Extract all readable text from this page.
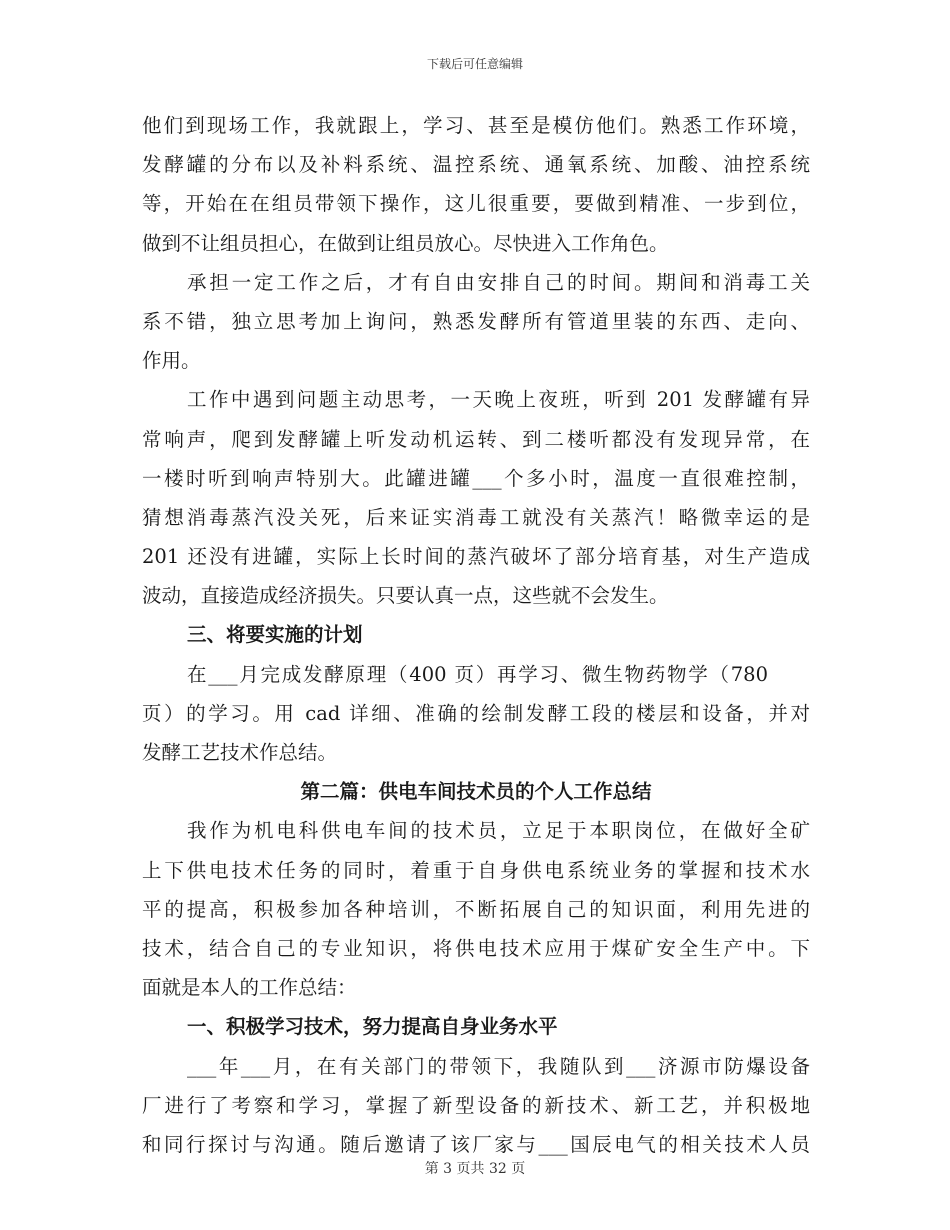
下载后可任意编辑
他们到现场工作，我就跟上，学习、甚至是模仿他们。熟悉工作环境，
发酵罐的分布以及补料系统、温控系统、通氧系统、加酸、油控系统
等，开始在在组员带领下操作，这儿很重要，要做到精准、一步到位，
做到不让组员担心，在做到让组员放心。尽快进入工作角色。
承担一定工作之后，才有自由安排自己的时间。期间和消毒工关
系不错，独立思考加上询问，熟悉发酵所有管道里装的东西、走向、
作用。
工作中遇到问题主动思考，一天晚上夜班，听到 201 发酵罐有异
常响声，爬到发酵罐上听发动机运转、到二楼听都没有发现异常，在
一楼时听到响声特别大。此罐进罐___个多小时，温度一直很难控制，
猜想消毒蒸汽没关死，后来证实消毒工就没有关蒸汽！略微幸运的是
201 还没有进罐，实际上长时间的蒸汽破坏了部分培育基，对生产造成
波动，直接造成经济损失。只要认真一点，这些就不会发生。
三、将要实施的计划
在___月完成发酵原理（400 页）再学习、微生物药物学（780
页）的学习。用 cad 详细、准确的绘制发酵工段的楼层和设备，并对
发酵工艺技术作总结。
第二篇：供电车间技术员的个人工作总结
我作为机电科供电车间的技术员，立足于本职岗位，在做好全矿
上下供电技术任务的同时，着重于自身供电系统业务的掌握和技术水
平的提高，积极参加各种培训，不断拓展自己的知识面，利用先进的
技术，结合自己的专业知识，将供电技术应用于煤矿安全生产中。下
面就是本人的工作总结：
一、积极学习技术，努力提高自身业务水平
___年___月，在有关部门的带领下，我随队到___济源市防爆设备
厂进行了考察和学习，掌握了新型设备的新技术、新工艺，并积极地
和同行探讨与沟通。随后邀请了该厂家与___国辰电气的相关技术人员
第 3 页共 32 页
